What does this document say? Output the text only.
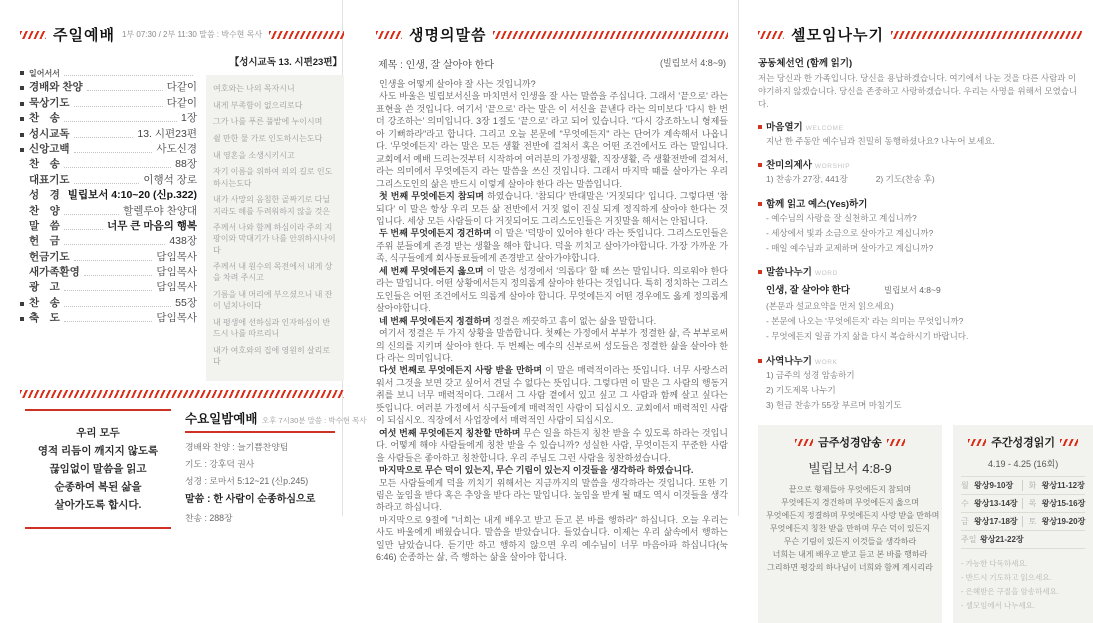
주일예배 1부 07:30 / 2부 11:30 말씀 : 박수현 목사
일어서서
경배와 찬양	다같이
묵상기도	다같이
찬　송	1장
성시교독	13. 시편23편
신앙고백	사도신경
찬　송	88장
대표기도	이행석 장로
성　경 빌립보서 4:10~20 (신p.322)
찬　양	할렐루야 찬양대
말　씀	너무 큰 마음의 행복
헌　금	438장
헌금기도	담임목사
새가족환영	담임목사
광　고	담임목사
찬　송	55장
축　도	담임목사
【성시교독 13. 시편23편】
여호와는 나의 목자시니
내게 부족함이 없으리로다
그가 나를 푸른 풀밭에 누이시며
쉴 만한 물 가로 인도하시는도다
내 영혼을 소생시키시고
자기 이름을 위하여 의의 길로 인도하시는도다
내가 사망의 음침한 골짜기로 다닐지라도 해를 두려워하지 않을 것은
주께서 나와 함께 하심이라 주의 지팡이와 막대기가 나를 안위하시나이다
주께서 내 원수의 목전에서 내게 상을 차려 주시고
기름을 내 머리에 부으셨으니 내 잔이 넘치나이다
내 평생에 선하심과 인자하심이 반드시 나를 따르리니
내가 여호와의 집에 영원히 살리로다
우리 모두
영적 리듬이 깨지지 않도록
끊임없이 말씀을 읽고
순종하여 복된 삶을
살아가도록 합시다.
수요일밤예배 오후 7시30분 말씀 : 박수현 목사
경배와 찬양 : 늘기쁨찬양팀
기도 : 강후덕 권사
성경 : 로마서 5:12~21 (신p.245)
말씀 : 한 사람이 순종하심으로
찬송 : 288장
생명의말씀
제목 : 인생, 잘 살아야 한다	(빌립보서 4:8~9)

인생을 어떻게 살아야 잘 사는 것입니까?

사도 바울은 빌립보서신을 마치면서 인생을 잘 사는 말씀을 주십니다. 그래서 '끝으로' 라는 표현을 쓴 것입니다. 여기서 '끝으로' 라는 말은 이 서신을 끝낸다 라는 의미보다 '다시 한 번 더 강조하는' 의미입니다. 3장 1절도 '끝으로' 라고 되어 있습니다. "다시 강조하노니 형제들아 기뻐하라"라고 합니다. 그리고 오늘 본문에 "무엇에든지" 라는 단어가 계속해서 나옵니다. '무엇에든지' 라는 말은 모든 생활 전반에 걸쳐서 혹은 어떤 조건에서도 라는 말입니다. 교회에서 예배 드리는것부터 시작하여 여러분의 가정생활, 직장생활, 즉 생활전반에 걸쳐서, 라는 의미에서 무엇에든지 라는 말씀을 쓰신 것입니다. 그래서 마지막 때를 살아가는 우리 그리스도인의 삶은 반드시 이렇게 살아야 한다 라는 말씀입니다.

첫 번째 무엇에든지 참되며 하였습니다. '참되다' 반대말은 '거짓되다' 입니다. 그렇다면 '참되다' 이 말은 항상 우리 모든 삶 전반에서 거짓 없이 진실 되게 정직하게 살아야 한다는 것입니다. 세상 모든 사람들이 다 거짓되어도 그리스도인들은 거짓말을 해서는 안됩니다.

두 번째 무엇에든지 경건하며 이 말은 '덕망이 있어야 한다' 라는 뜻입니다. 그리스도인들은 주위 분들에게 존경 받는 생활을 해야 합니다. 덕을 끼치고 살아가야합니다. 가장 가까운 가족, 식구들에게 회사동료들에게 존경받고 살아가야합니다.

세 번째 무엇에든지 옳으며 이 말은 성경에서 '의롭다' 할 때 쓰는 말입니다. 의로워야 한다 라는 말입니다. 어떤 상황에서든지 정의롭게 살아야 한다는 것입니다. 특히 정치하는 그리스도인들은 어떤 조건에서도 의롭게 살아야 합니다. 무엇에든지 어떤 경우에도 옳게 정의롭게 살아야합니다.

네 번째 무엇에든지 정결하며 정결은 깨끗하고 흠이 없는 삶을 말합니다.

여기서 정결은 두 가지 상황을 말씀합니다. 첫째는 가정에서 부부가 정결한 삶, 즉 부부로써의 신의를 지키며 살아야 한다. 두 번째는 예수의 신부로써 성도들은 정결한 삶을 살아야 한다 라는 의미입니다.

다섯 번째로 무엇에든지 사랑 받을 만하며 이 말은 매력적이라는 뜻입니다. 너무 사랑스러워서 그것을 보면 갖고 싶어서 견딜 수 없다는 뜻입니다. 그렇다면 이 말은 그 사람의 행동거취를 보니 너무 매력적이다. 그래서 그 사람 곁에서 있고 싶고 그 사람과 함께 살고 싶다는 뜻입니다. 여러분 가정에서 식구들에게 매력적인 사람이 되십시오. 교회에서 매력적인 사람이 되십시오. 직장에서 사업장에서 매력적인 사람이 되십시오.

여섯 번째 무엇에든지 칭찬할 만하며 무슨 일을 하든지 칭찬 받을 수 있도록 하라는 것입니다. 어떻게 해야 사람들에게 칭찬 받을 수 있습니까? 성실한 사람, 무엇이든지 꾸준한 사람을 사람들은 좋아하고 칭찬합니다. 우리 주님도 그런 사람을 칭찬하셨습니다.

마지막으로 무슨 덕이 있는지, 무슨 기림이 있는지 이것들을 생각하라 하였습니다.

모든 사람들에게 덕을 끼치기 위해서는 지금까지의 말씀을 생각하라는 것입니다. 또한 기림은 높임을 받다 혹은 추앙을 받다 라는 말입니다. 높임을 받게 될 때도 역시 이것들을 생각하라고 하십니다.

마지막으로 9절에 "너희는 내게 배우고 받고 듣고 본 바를 행하라" 하십니다. 오늘 우리는 사도 바울에게 배웠습니다. 말씀을 받았습니다. 들었습니다. 이제는 우리 삶속에서 행하는 일만 남았습니다. 듣기만 하고 행하지 않으면 우리 예수님이 너무 마음아파 하십니다(눅6:46) 순종하는 삶, 즉 행하는 삶을 살아야 합니다.

셀모임나누기
공동체선언 (함께 읽기)
저는 당신과 한 가족입니다. 당신을 용납하겠습니다. 여기에서 나눈 것을 다른 사람과 이야기하지 않겠습니다. 당신을 존중하고 사랑하겠습니다. 우리는 사명을 위해서 모였습니다.
마음열기 WELCOME
지난 한 주동안 예수님과 친밀히 동행하셨나요? 나누어 보세요.
찬미의제사 WORSHIP
1) 찬송가 27장, 441장	2) 기도(찬송 후)
함께 읽고 예스(Yes)하기
- 예수님의 사랑을 잘 실천하고 계십니까?
- 세상에서 빛과 소금으로 살아가고 계십니까?
- 매일 예수님과 교제하며 살아가고 계십니까?
말씀나누기 WORD
인생, 잘 살아야 한다	빌립보서 4:8~9
(본문과 설교요약을 먼저 읽으세요)
- 본문에 나오는 '무엇에든지' 라는 의미는 무엇입니까?
- 무엇에든지 일곱 가지 삶을 다시 복습하시기 바랍니다.
사역나누기 WORK
1) 금주의 성경 암송하기
2) 기도제목 나누기
3) 헌금 찬송가 55장 부르며 마침기도
금주성경암송
빌립보서 4:8-9
끝으로 형제들아 무엇에든지 참되며
무엇에든지 경건하며 무엇에든지 옳으며
무엇에든지 정결하며 무엇에든지 사랑 받을 만하며
무엇에든지 칭찬 받을 만하며 무슨 덕이 있든지
무슨 기림이 있든지 이것들을 생각하라
너희는 내게 배우고 받고 듣고 본 바를 행하라
그리하면 평강의 하나님이 너희와 함께 계시리라
주간성경읽기
4.19 - 4.25 (16회)
월 왕상9-10장	화 왕상11-12장
수 왕상13-14장	목 왕상15-16장
금 왕상17-18장	토 왕상19-20장
주일 왕상21-22장
- 가능한 다독하세요.
- 반드시 기도하고 읽으세요.
- 은혜받은 구절을 암송하세요.
- 셀모임에서 나누세요.
